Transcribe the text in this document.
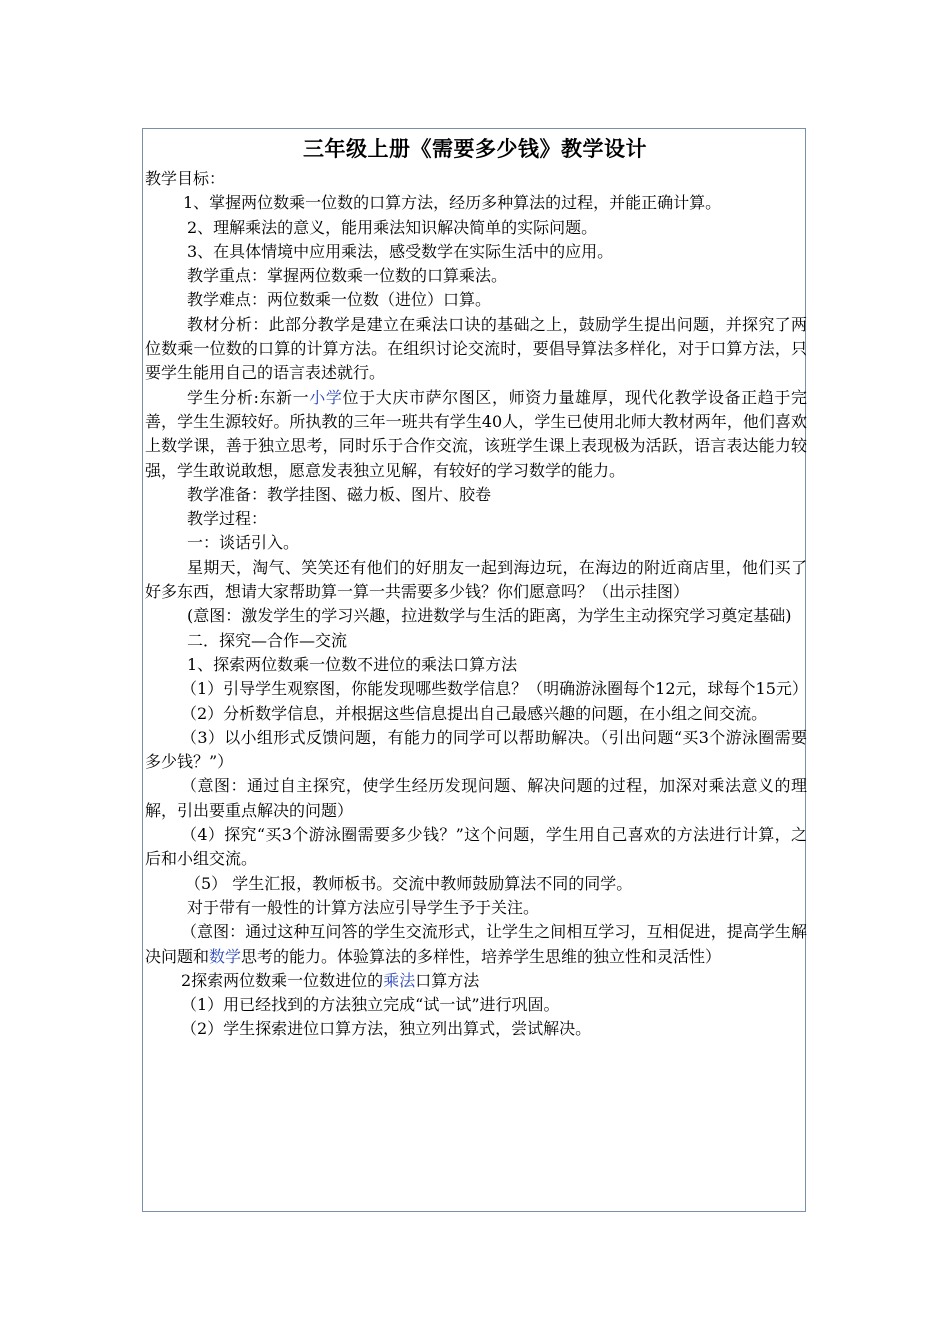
三年级上册《需要多少钱》教学设计

教学目标：

1、掌握两位数乘一位数的口算方法，经历多种算法的过程，并能正确计算。

2、理解乘法的意义，能用乘法知识解决简单的实际问题。

3、在具体情境中应用乘法，感受数学在实际生活中的应用。

教学重点：掌握两位数乘一位数的口算乘法。

教学难点：两位数乘一位数（进位）口算。

教材分析：此部分教学是建立在乘法口诀的基础之上，鼓励学生提出问题，并探究了两位数乘一位数的口算的计算方法。在组织讨论交流时，要倡导算法多样化，对于口算方法，只要学生能用自己的语言表述就行。

学生分析:东新一小学位于大庆市萨尔图区，师资力量雄厚，现代化教学设备正趋于完善，学生生源较好。所执教的三年一班共有学生40人，学生已使用北师大教材两年，他们喜欢上数学课，善于独立思考，同时乐于合作交流，该班学生课上表现极为活跃，语言表达能力较强，学生敢说敢想，愿意发表独立见解，有较好的学习数学的能力。

教学准备：教学挂图、磁力板、图片、胶卷

教学过程：

一：谈话引入。

星期天，淘气、笑笑还有他们的好朋友一起到海边玩，在海边的附近商店里，他们买了好多东西，想请大家帮助算一算一共需要多少钱？你们愿意吗？（出示挂图）

(意图：激发学生的学习兴趣，拉进数学与生活的距离，为学生主动探究学习奠定基础)

二．探究—合作—交流

1、探索两位数乘一位数不进位的乘法口算方法

（1）引导学生观察图，你能发现哪些数学信息？（明确游泳圈每个12元，球每个15元）

（2）分析数学信息，并根据这些信息提出自己最感兴趣的问题，在小组之间交流。

（3）以小组形式反馈问题，有能力的同学可以帮助解决。（引出问题“买3个游泳圈需要多少钱？”）

（意图：通过自主探究，使学生经历发现问题、解决问题的过程，加深对乘法意义的理解，引出要重点解决的问题）

（4）探究“买3个游泳圈需要多少钱？”这个问题，学生用自己喜欢的方法进行计算，之后和小组交流。

（5） 学生汇报，教师板书。交流中教师鼓励算法不同的同学。

对于带有一般性的计算方法应引导学生予于关注。

（意图：通过这种互问答的学生交流形式，让学生之间相互学习，互相促进，提高学生解决问题和数学思考的能力。体验算法的多样性，培养学生思维的独立性和灵活性）

2探索两位数乘一位数进位的乘法口算方法

（1）用已经找到的方法独立完成“试一试”进行巩固。

（2）学生探索进位口算方法，独立列出算式，尝试解决。
